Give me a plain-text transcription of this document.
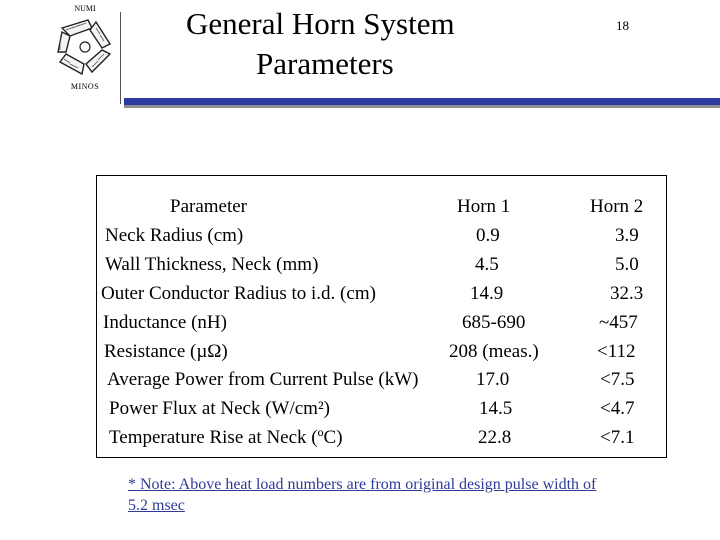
NUMI
MINOS
General Horn System
Parameters
18
Parameter	Horn 1	Horn 2
Neck Radius (cm)	0.9	3.9
Wall Thickness, Neck (mm)	4.5	5.0
Outer Conductor Radius to i.d. (cm)	14.9	32.3
Inductance (nH)	685-690	~457
Resistance (µΩ)	208 (meas.)	<112
Average Power from Current Pulse (kW)	17.0	<7.5
Power Flux at Neck (W/cm²)	14.5	<4.7
Temperature Rise at Neck (ºC)	22.8	<7.1
* Note: Above heat load numbers are from original design pulse width of 5.2 msec
